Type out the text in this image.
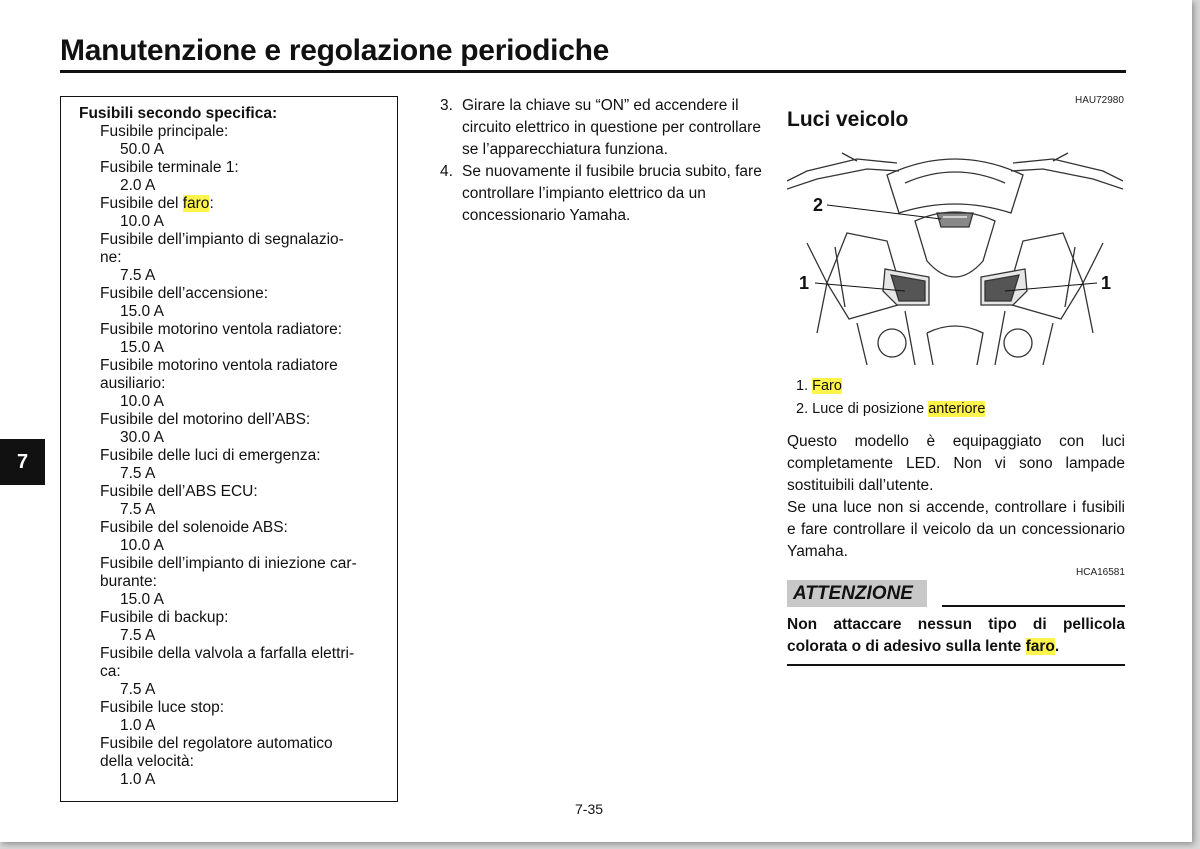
Manutenzione e regolazione periodiche
7
Fusibili secondo specifica:
Fusibile principale:
50.0 A
Fusibile terminale 1:
2.0 A
Fusibile del faro:
10.0 A
Fusibile dell’impianto di segnalazio-
ne:
7.5 A
Fusibile dell’accensione:
15.0 A
Fusibile motorino ventola radiatore:
15.0 A
Fusibile motorino ventola radiatore
ausiliario:
10.0 A
Fusibile del motorino dell’ABS:
30.0 A
Fusibile delle luci di emergenza:
7.5 A
Fusibile dell’ABS ECU:
7.5 A
Fusibile del solenoide ABS:
10.0 A
Fusibile dell’impianto di iniezione car-
burante:
15.0 A
Fusibile di backup:
7.5 A
Fusibile della valvola a farfalla elettri-
ca:
7.5 A
Fusibile luce stop:
1.0 A
Fusibile del regolatore automatico
della velocità:
1.0 A
3. Girare la chiave su “ON” ed accendere il circuito elettrico in questione per controllare se l’apparecchiatura funziona.
4. Se nuovamente il fusibile brucia subito, fare controllare l’impianto elettrico da un concessionario Yamaha.
HAU72980
Luci veicolo
2
1	1
1. Faro
2. Luce di posizione anteriore

Questo modello è equipaggiato con luci completamente LED. Non vi sono lampade sostituibili dall’utente.

Se una luce non si accende, controllare i fusibili e fare controllare il veicolo da un concessionario Yamaha.

HCA16581
ATTENZIONE
Non attaccare nessun tipo di pellicola colorata o di adesivo sulla lente faro.
7-35
